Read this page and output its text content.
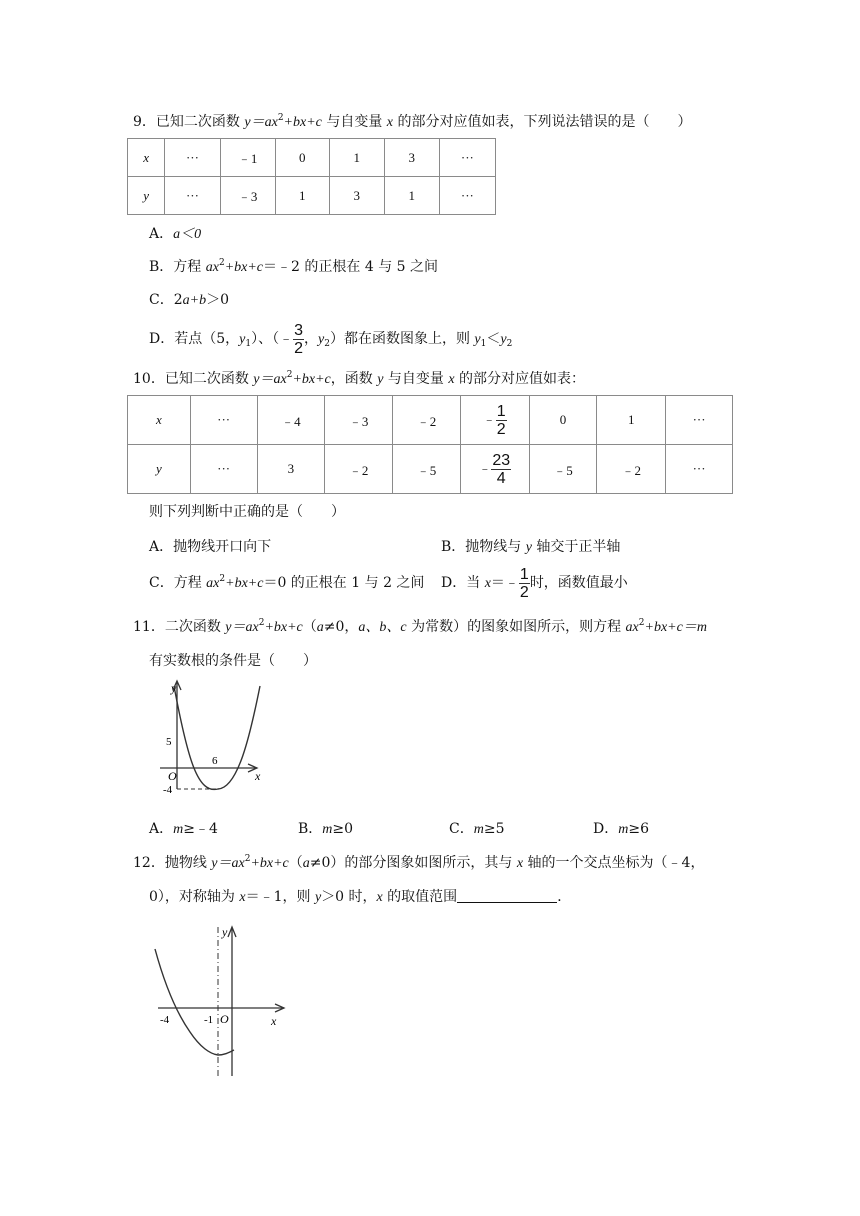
9．已知二次函数 $y=ax^2+bx+c$ 与自变量 x 的部分对应值如表，下列说法错误的是（　　）
x	···	﹣1	0	1	3	···
y	···	﹣3	1	3	1	···
A．a＜0
B．方程 $ax^2+bx+c=﹣2$ 的正根在 4 与 5 之间
C．2a+b＞0
D．若点（5，$y_1$）、（﹣ $\frac{3}{2}$ ，$y_2$）都在函数图象上，则 $y_1<y_2$
10．已知二次函数 $y=ax^2+bx+c$，函数 y 与自变量 x 的部分对应值如表：
x	···	﹣4	﹣3	﹣2	﹣ $\frac{1}{2}$	0	1	···
y	···	3	﹣2	﹣5	﹣ $\frac{23}{4}$	﹣5	﹣2	···
则下列判断中正确的是（　　）
A．抛物线开口向下	B．抛物线与 y 轴交于正半轴
C．方程 $ax^2+bx+c=0$ 的正根在 1 与 2 之间 D．当 x＝﹣ $\frac{1}{2}$ 时，函数值最小
11．二次函数 $y=ax^2+bx+c(a\ne 0$，a、b、c 为常数）的图象如图所示，则方程 $ax^2+bx+c=m$
有实数根的条件是（　　）
y
x
O
5
6
-4
A．m≥﹣4	B．m≥0	C．m≥5	D．m≥6
12．抛物线 $y=ax^2+bx+c(a\ne 0)$的部分图象如图所示，其与 x 轴的一个交点坐标为（﹣4，
0），对称轴为 x＝﹣1，则 y＞0 时，x 的取值范围	．
y
x
O
-4	-1
